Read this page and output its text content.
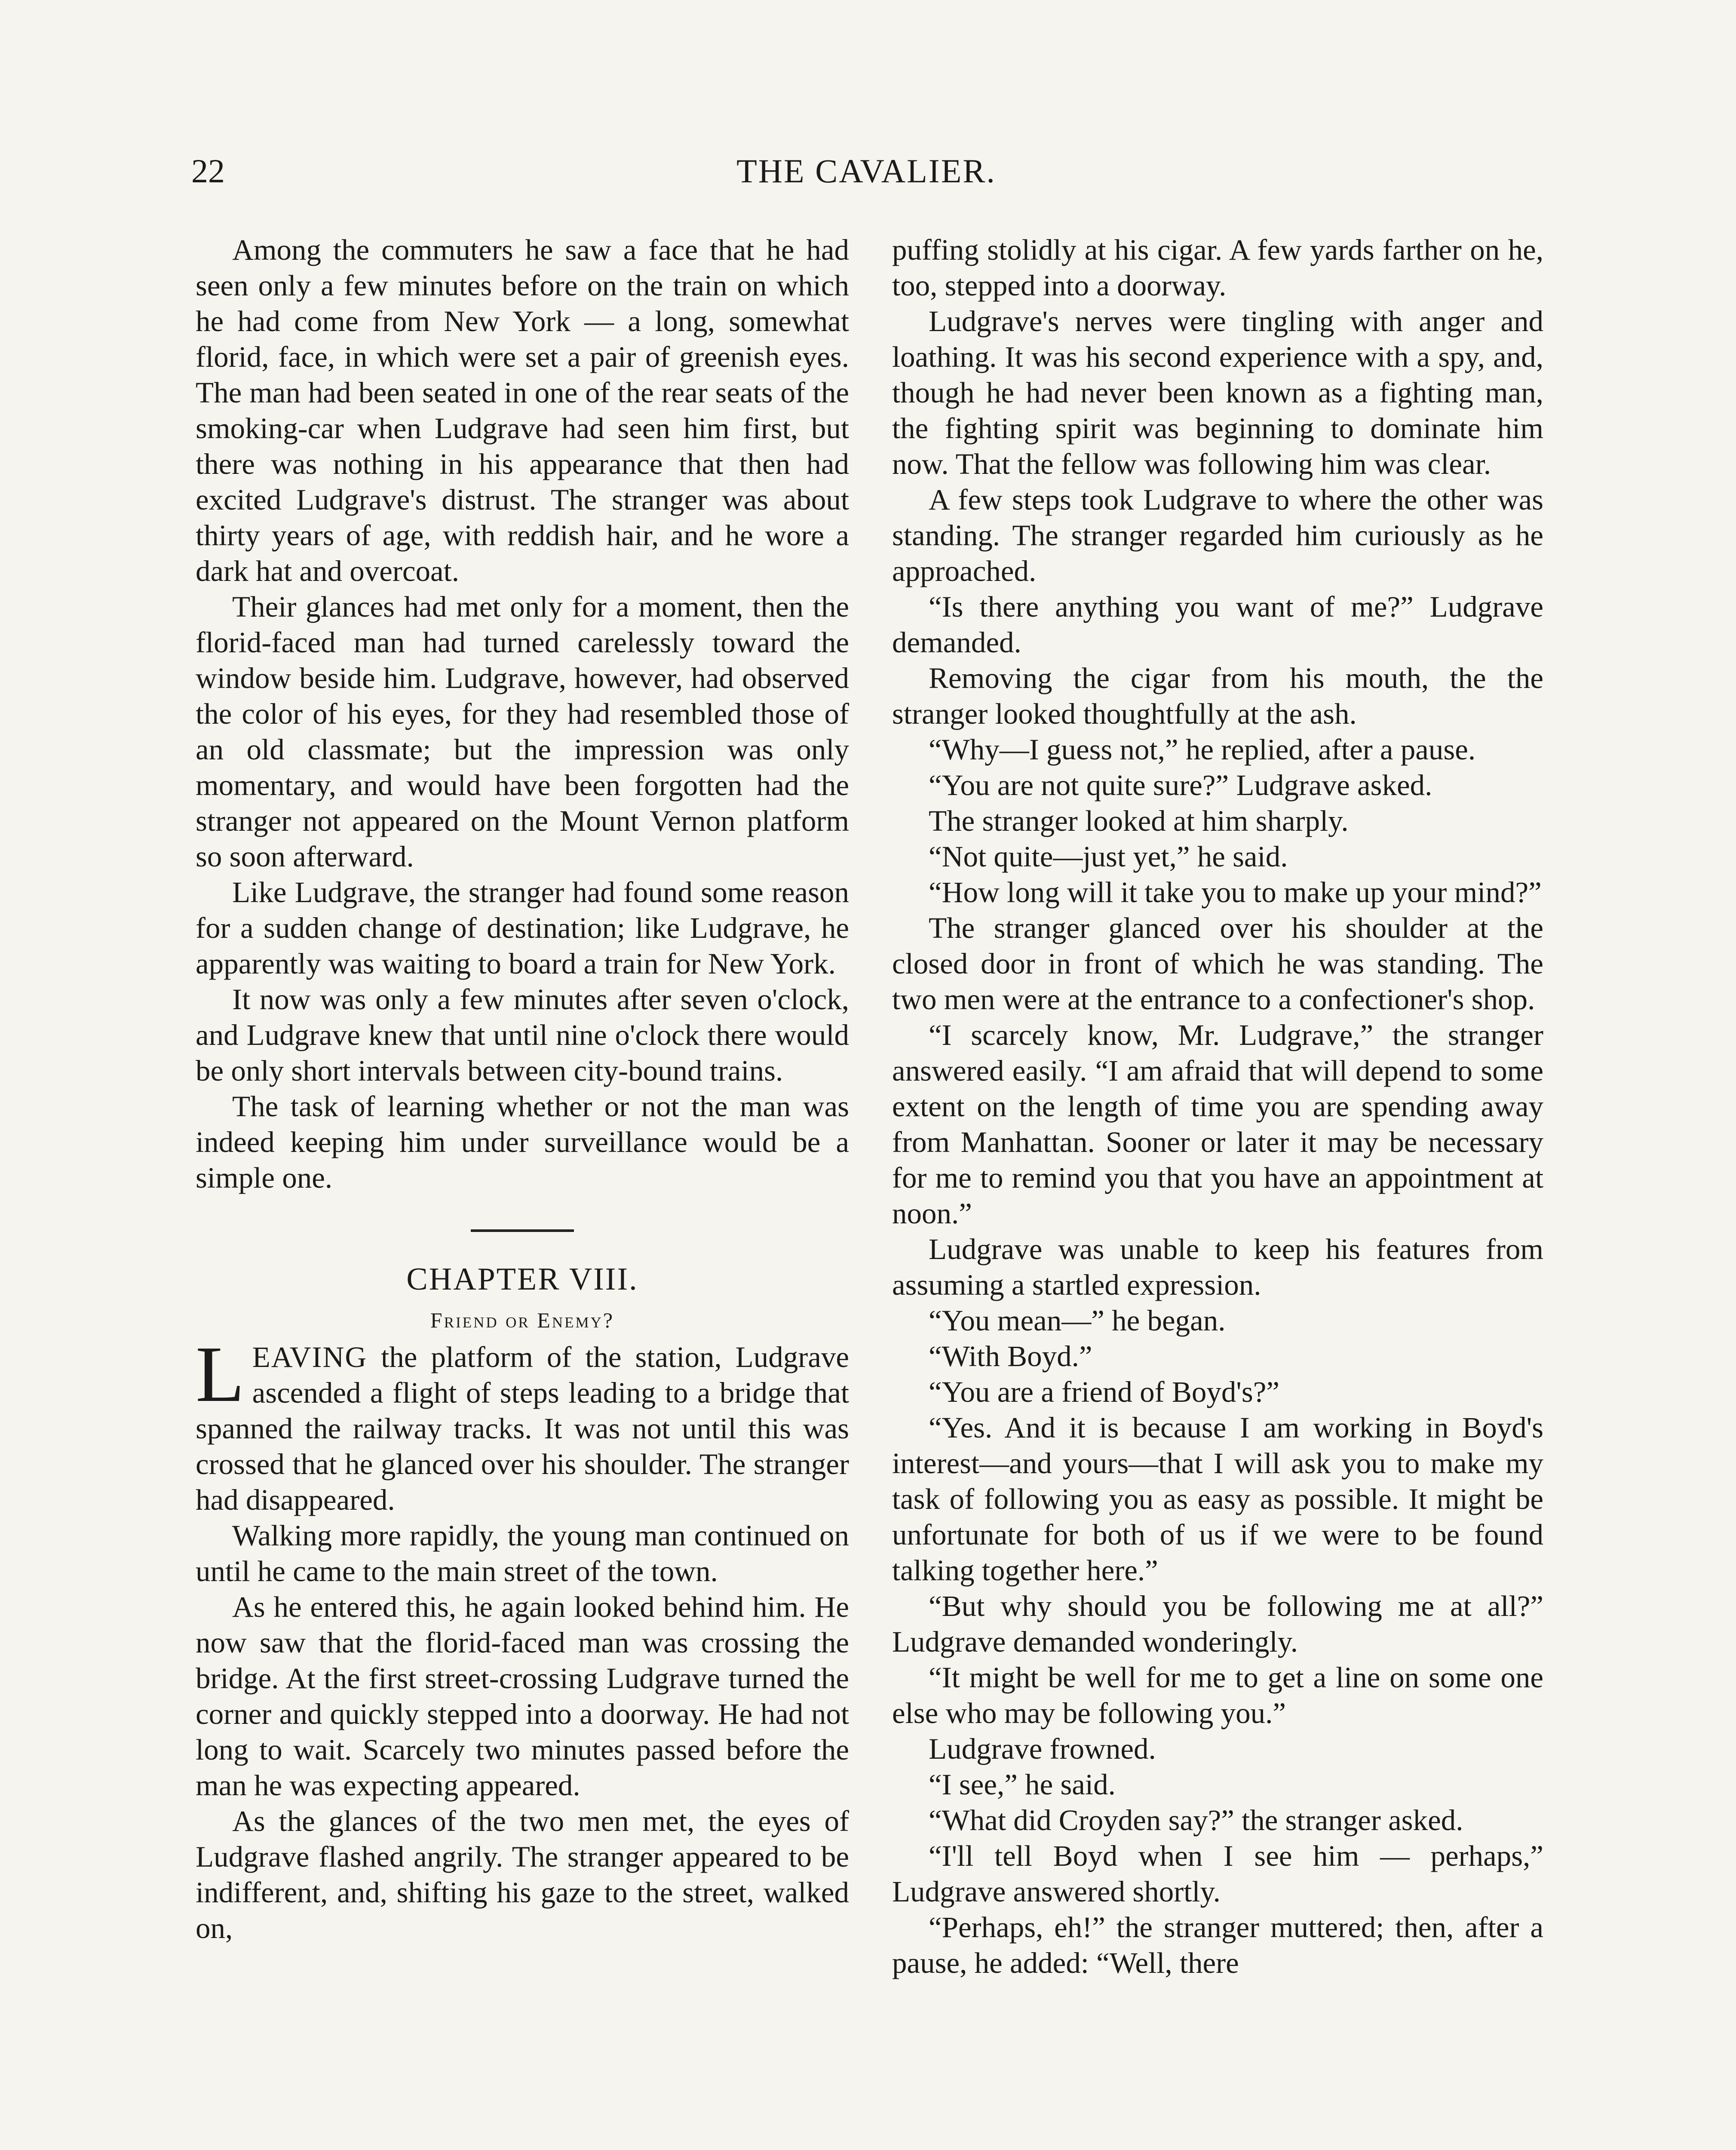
22	THE CAVALIER.

Among the commuters he saw a face that he had seen only a few minutes before on the train on which he had come from New York — a long, somewhat florid, face, in which were set a pair of greenish eyes. The man had been seated in one of the rear seats of the smoking-car when Ludgrave had seen him first, but there was nothing in his appearance that then had excited Ludgrave's distrust. The stranger was about thirty years of age, with reddish hair, and he wore a dark hat and overcoat.

Their glances had met only for a moment, then the florid-faced man had turned carelessly toward the window beside him. Ludgrave, however, had observed the color of his eyes, for they had resembled those of an old classmate; but the impression was only momentary, and would have been forgotten had the stranger not appeared on the Mount Vernon platform so soon afterward.

Like Ludgrave, the stranger had found some reason for a sudden change of destination; like Ludgrave, he apparently was waiting to board a train for New York.

It now was only a few minutes after seven o'clock, and Ludgrave knew that until nine o'clock there would be only short intervals between city-bound trains.

The task of learning whether or not the man was indeed keeping him under surveillance would be a simple one.

CHAPTER VIII.
Friend or Enemy?

LEAVING the platform of the station, Ludgrave ascended a flight of steps leading to a bridge that spanned the railway tracks. It was not until this was crossed that he glanced over his shoulder. The stranger had disappeared.

Walking more rapidly, the young man continued on until he came to the main street of the town.

As he entered this, he again looked behind him. He now saw that the florid-faced man was crossing the bridge. At the first street-crossing Ludgrave turned the corner and quickly stepped into a doorway. He had not long to wait. Scarcely two minutes passed before the man he was expecting appeared.

As the glances of the two men met, the eyes of Ludgrave flashed angrily. The stranger appeared to be indifferent, and, shifting his gaze to the street, walked on,

puffing stolidly at his cigar. A few yards farther on he, too, stepped into a doorway.

Ludgrave's nerves were tingling with anger and loathing. It was his second experience with a spy, and, though he had never been known as a fighting man, the fighting spirit was beginning to dominate him now. That the fellow was following him was clear.

A few steps took Ludgrave to where the other was standing. The stranger regarded him curiously as he approached.

“Is there anything you want of me?” Ludgrave demanded.

Removing the cigar from his mouth, the the stranger looked thoughtfully at the ash.

“Why—I guess not,” he replied, after a pause.

“You are not quite sure?” Ludgrave asked.

The stranger looked at him sharply.

“Not quite—just yet,” he said.

“How long will it take you to make up your mind?”

The stranger glanced over his shoulder at the closed door in front of which he was standing. The two men were at the entrance to a confectioner's shop.

“I scarcely know, Mr. Ludgrave,” the stranger answered easily. “I am afraid that will depend to some extent on the length of time you are spending away from Manhattan. Sooner or later it may be necessary for me to remind you that you have an appointment at noon.”

Ludgrave was unable to keep his features from assuming a startled expression.

“You mean—” he began.

“With Boyd.”

“You are a friend of Boyd's?”

“Yes. And it is because I am working in Boyd's interest—and yours—that I will ask you to make my task of following you as easy as possible. It might be unfortunate for both of us if we were to be found talking together here.”

“But why should you be following me at all?” Ludgrave demanded wonderingly.

“It might be well for me to get a line on some one else who may be following you.”

Ludgrave frowned.

“I see,” he said.

“What did Croyden say?” the stranger asked.

“I'll tell Boyd when I see him — perhaps,” Ludgrave answered shortly.

“Perhaps, eh!” the stranger muttered; then, after a pause, he added: “Well, there
